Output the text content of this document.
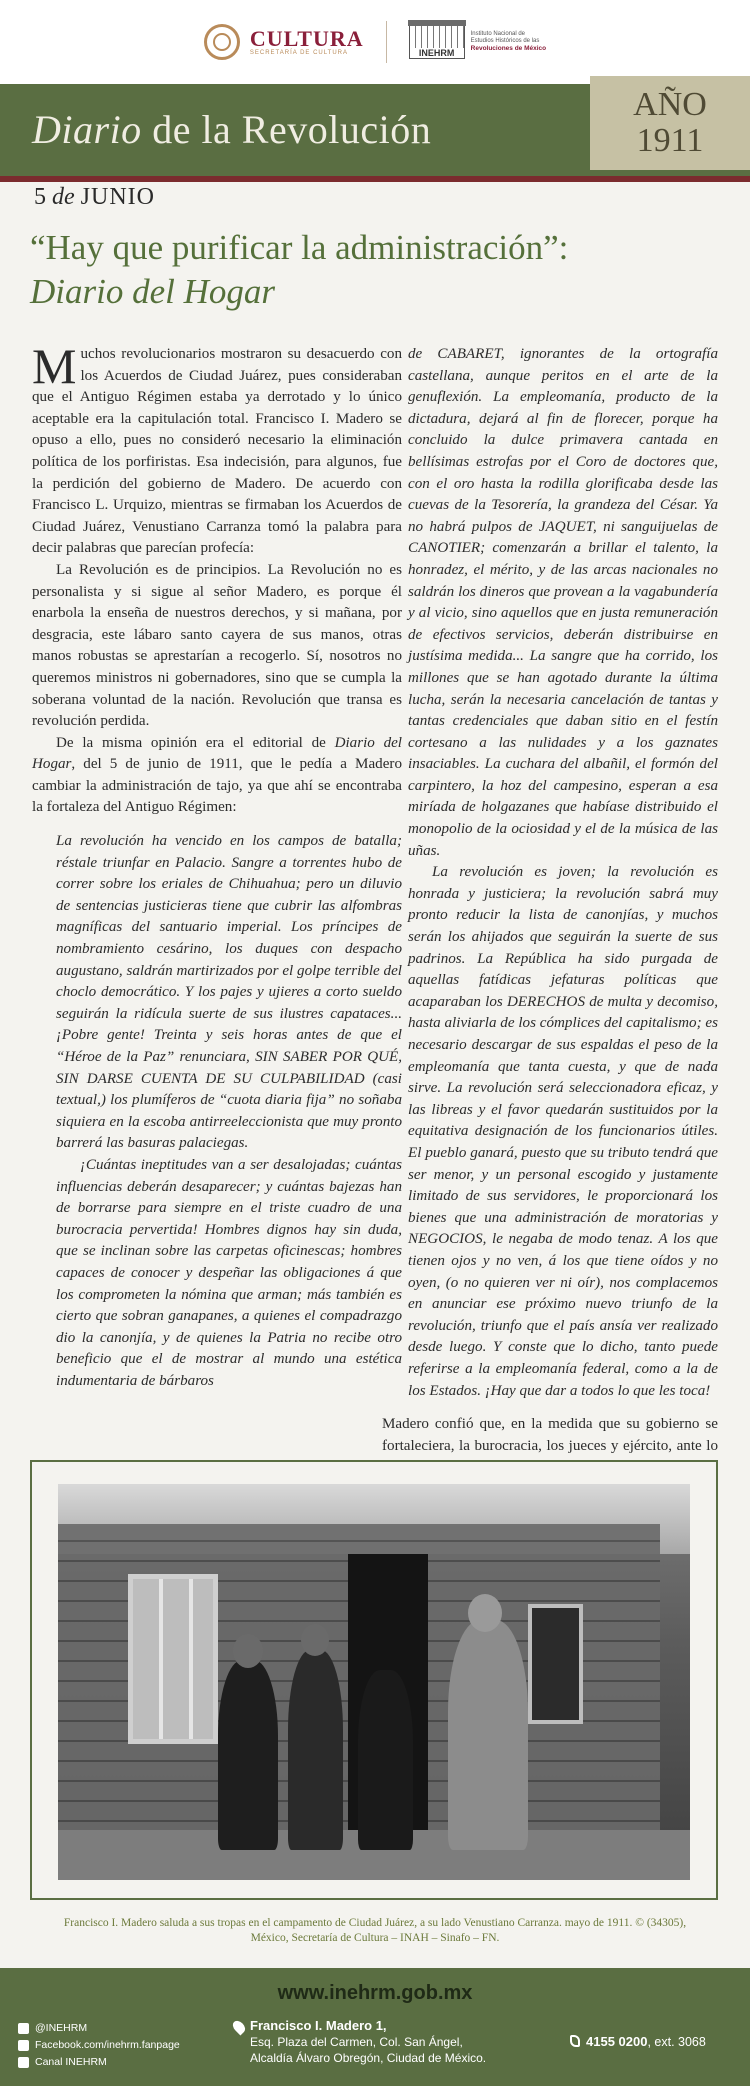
CULTURA
SECRETARÍA DE CULTURA	INEHRM
Instituto Nacional de
Estudios Históricos de las
Revoluciones de México
Diario de la Revolución
AÑO
1911
5 de JUNIO
“Hay que purificar la administración”:
Diario del Hogar

Muchos revolucionarios mostraron su desacuerdo con los Acuerdos de Ciudad Juárez, pues consideraban que el Antiguo Régimen estaba ya derrotado y lo único aceptable era la capitulación total. Francisco I. Madero se opuso a ello, pues no consideró necesario la eliminación política de los porfiristas. Esa indecisión, para algunos, fue la perdición del gobierno de Madero. De acuerdo con Francisco L. Urquizo, mientras se firmaban los Acuerdos de Ciudad Juárez, Venustiano Carranza tomó la palabra para decir palabras que parecían profecía:

La Revolución es de principios. La Revolución no es personalista y si sigue al señor Madero, es porque él enarbola la enseña de nuestros derechos, y si mañana, por desgracia, este lábaro santo cayera de sus manos, otras manos robustas se aprestarían a recogerlo. Sí, nosotros no queremos ministros ni gobernadores, sino que se cumpla la soberana voluntad de la nación. Revolución que transa es revolución perdida.

De la misma opinión era el editorial de Diario del Hogar, del 5 de junio de 1911, que le pedía a Madero cambiar la administración de tajo, ya que ahí se encontraba la fortaleza del Antiguo Régimen:

La revolución ha vencido en los campos de batalla; réstale triunfar en Palacio. Sangre a torrentes hubo de correr sobre los eriales de Chihuahua; pero un diluvio de sentencias justicieras tiene que cubrir las alfombras magníficas del santuario imperial. Los príncipes de nombramiento cesárino, los duques con despacho augustano, saldrán martirizados por el golpe terrible del choclo democrático. Y los pajes y ujieres a corto sueldo seguirán la ridícula suerte de sus ilustres capataces... ¡Pobre gente! Treinta y seis horas antes de que el “Héroe de la Paz” renunciara, SIN SABER POR QUÉ, SIN DARSE CUENTA DE SU CULPABILIDAD (casi textual,) los plumíferos de “cuota diaria fija” no soñaba siquiera en la escoba antirreeleccionista que muy pronto barrerá las basuras palaciegas.

¡Cuántas ineptitudes van a ser desalojadas; cuántas influencias deberán desaparecer; y cuántas bajezas han de borrarse para siempre en el triste cuadro de una burocracia pervertida! Hombres dignos hay sin duda, que se inclinan sobre las carpetas oficinescas; hombres capaces de conocer y despeñar las obligaciones á que los comprometen la nómina que arman; más también es cierto que sobran ganapanes, a quienes el compadrazgo dio la canonjía, y de quienes la Patria no recibe otro beneficio que el de mostrar al mundo una estética indumentaria de bárbaros

de CABARET, ignorantes de la ortografía castellana, aunque peritos en el arte de la genuflexión. La empleomanía, producto de la dictadura, dejará al fin de florecer, porque ha concluido la dulce primavera cantada en bellísimas estrofas por el Coro de doctores que, con el oro hasta la rodilla glorificaba desde las cuevas de la Tesorería, la grandeza del César. Ya no habrá pulpos de JAQUET, ni sanguijuelas de CANOTIER; comenzarán a brillar el talento, la honradez, el mérito, y de las arcas nacionales no saldrán los dineros que provean a la vagabundería y al vicio, sino aquellos que en justa remuneración de efectivos servicios, deberán distribuirse en justísima medida... La sangre que ha corrido, los millones que se han agotado durante la última lucha, serán la necesaria cancelación de tantas y tantas credenciales que daban sitio en el festín cortesano a las nulidades y a los gaznates insaciables. La cuchara del albañil, el formón del carpintero, la hoz del campesino, esperan a esa miríada de holgazanes que habíase distribuido el monopolio de la ociosidad y el de la música de las uñas.

La revolución es joven; la revolución es honrada y justiciera; la revolución sabrá muy pronto reducir la lista de canonjías, y muchos serán los ahijados que seguirán la suerte de sus padrinos. La República ha sido purgada de aquellas fatídicas jefaturas políticas que acaparaban los DERECHOS de multa y decomiso, hasta aliviarla de los cómplices del capitalismo; es necesario descargar de sus espaldas el peso de la empleomanía que tanta cuesta, y que de nada sirve. La revolución será seleccionadora eficaz, y las libreas y el favor quedarán sustituidos por la equitativa designación de los funcionarios útiles. El pueblo ganará, puesto que su tributo tendrá que ser menor, y un personal escogido y justamente limitado de sus servidores, le proporcionará los bienes que una administración de moratorias y NEGOCIOS, le negaba de modo tenaz. A los que tienen ojos y no ven, á los que tiene oídos y no oyen, (o no quieren ver ni oír), nos complacemos en anunciar ese próximo nuevo triunfo de la revolución, triunfo que el país ansía ver realizado desde luego. Y conste que lo dicho, tanto puede referirse a la empleomanía federal, como a la de los Estados. ¡Hay que dar a todos lo que les toca!

Madero confió que, en la medida que su gobierno se fortaleciera, la burocracia, los jueces y ejército, ante lo

Francisco I. Madero saluda a sus tropas en el campamento de Ciudad Juárez, a su lado Venustiano Carranza. mayo de 1911. © (34305),
México, Secretaría de Cultura – INAH – Sinafo – FN.
www.inehrm.gob.mx
@INEHRM
Facebook.com/inehrm.fanpage
Canal INEHRM
Francisco I. Madero 1,
Esq. Plaza del Carmen, Col. San Ángel,
Alcaldía Álvaro Obregón, Ciudad de México.
4155 0200, ext. 3068
